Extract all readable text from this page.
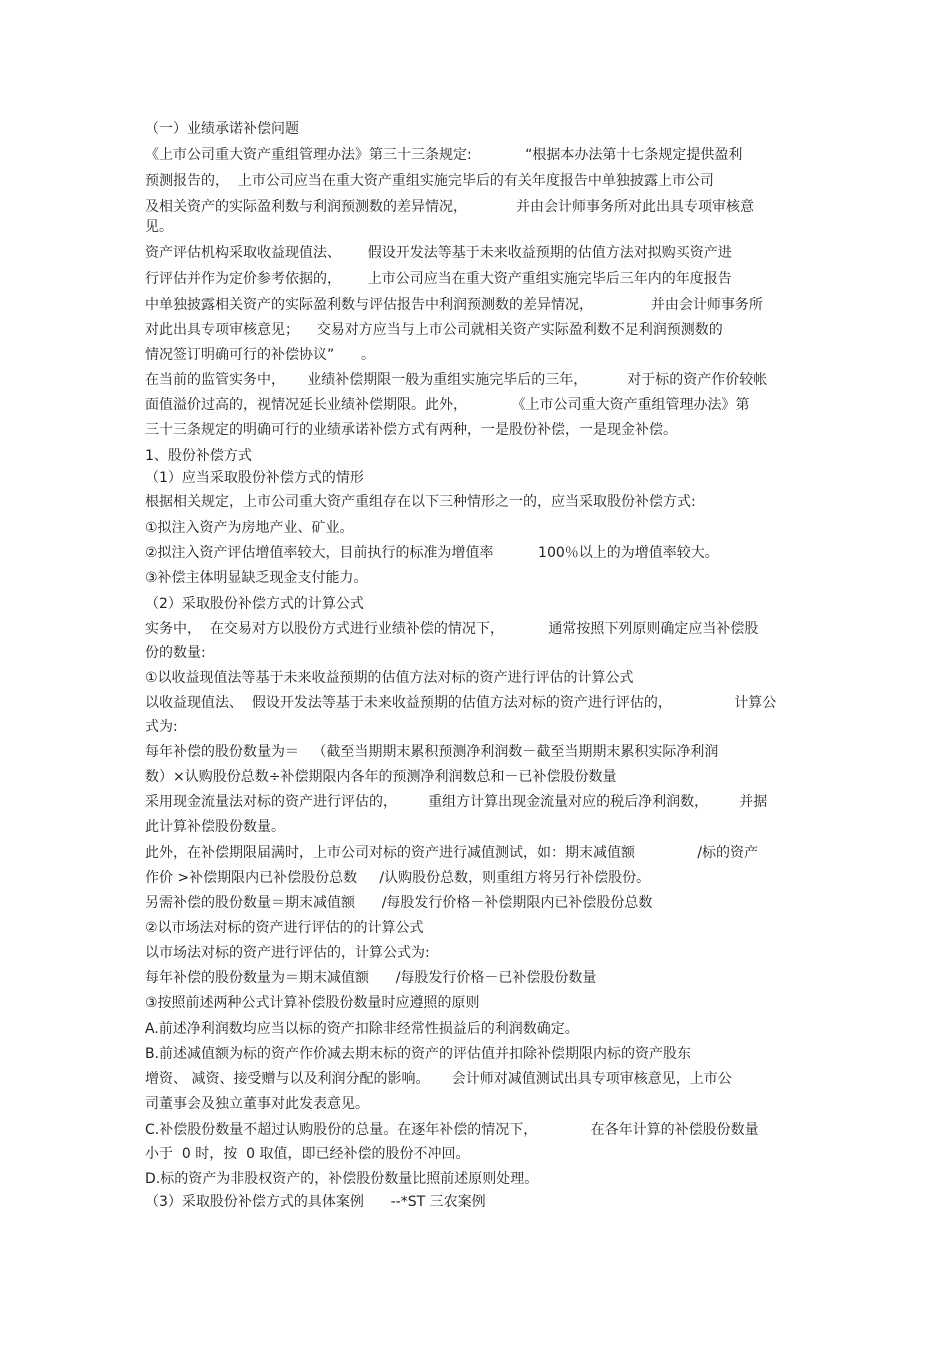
（一）业绩承诺补偿问题
《上市公司重大资产重组管理办法》第三十三条规定:            “根据本办法第十七条规定提供盈利
预测报告的，  上市公司应当在重大资产重组实施完毕后的有关年度报告中单独披露上市公司
及相关资产的实际盈利数与利润预测数的差异情况，           并由会计师事务所对此出具专项审核意
见。
资产评估机构采取收益现值法、      假设开发法等基于未来收益预期的估值方法对拟购买资产进
行评估并作为定价参考依据的，      上市公司应当在重大资产重组实施完毕后三年内的年度报告
中单独披露相关资产的实际盈利数与评估报告中利润预测数的差异情况，             并由会计师事务所
对此出具专项审核意见；    交易对方应当与上市公司就相关资产实际盈利数不足利润预测数的
情况签订明确可行的补偿协议”      。
在当前的监管实务中，     业绩补偿期限一般为重组实施完毕后的三年，         对于标的资产作价较帐
面值溢价过高的，视情况延长业绩补偿期限。此外，          《上市公司重大资产重组管理办法》第
三十三条规定的明确可行的业绩承诺补偿方式有两种，一是股份补偿，一是现金补偿。
1、股份补偿方式
（1）应当采取股份补偿方式的情形
根据相关规定，上市公司重大资产重组存在以下三种情形之一的，应当采取股份补偿方式:
①拟注入资产为房地产业、矿业。
②拟注入资产评估增值率较大，目前执行的标准为增值率          100％以上的为增值率较大。
③补偿主体明显缺乏现金支付能力。
（2）采取股份补偿方式的计算公式
实务中，  在交易对方以股份方式进行业绩补偿的情况下，          通常按照下列原则确定应当补偿股
份的数量:
①以收益现值法等基于未来收益预期的估值方法对标的资产进行评估的计算公式
以收益现值法、  假设开发法等基于未来收益预期的估值方法对标的资产进行评估的，              计算公
式为:
每年补偿的股份数量为＝   （截至当期期末累积预测净利润数－截至当期期末累积实际净利润
数）×认购股份总数÷补偿期限内各年的预测净利润数总和－已补偿股份数量
采用现金流量法对标的资产进行评估的，       重组方计算出现金流量对应的税后净利润数，       并据
此计算补偿股份数量。
此外，在补偿期限届满时，上市公司对标的资产进行减值测试，如：期末减值额              /标的资产
作价 >补偿期限内已补偿股份总数     /认购股份总数，则重组方将另行补偿股份。
另需补偿的股份数量＝期末减值额      /每股发行价格－补偿期限内已补偿股份总数
②以市场法对标的资产进行评估的的计算公式
以市场法对标的资产进行评估的，计算公式为:
每年补偿的股份数量为＝期末减值额      /每股发行价格－已补偿股份数量
③按照前述两种公式计算补偿股份数量时应遵照的原则
A.前述净利润数均应当以标的资产扣除非经常性损益后的利润数确定。
B.前述减值额为标的资产作价减去期末标的资产的评估值并扣除补偿期限内标的资产股东
增资、 减资、接受赠与以及利润分配的影响。     会计师对减值测试出具专项审核意见，上市公
司董事会及独立董事对此发表意见。
C.补偿股份数量不超过认购股份的总量。在逐年补偿的情况下，            在各年计算的补偿股份数量
小于  0 时，按  0 取值，即已经补偿的股份不冲回。
D.标的资产为非股权资产的，补偿股份数量比照前述原则处理。
（3）采取股份补偿方式的具体案例      --*ST 三农案例
